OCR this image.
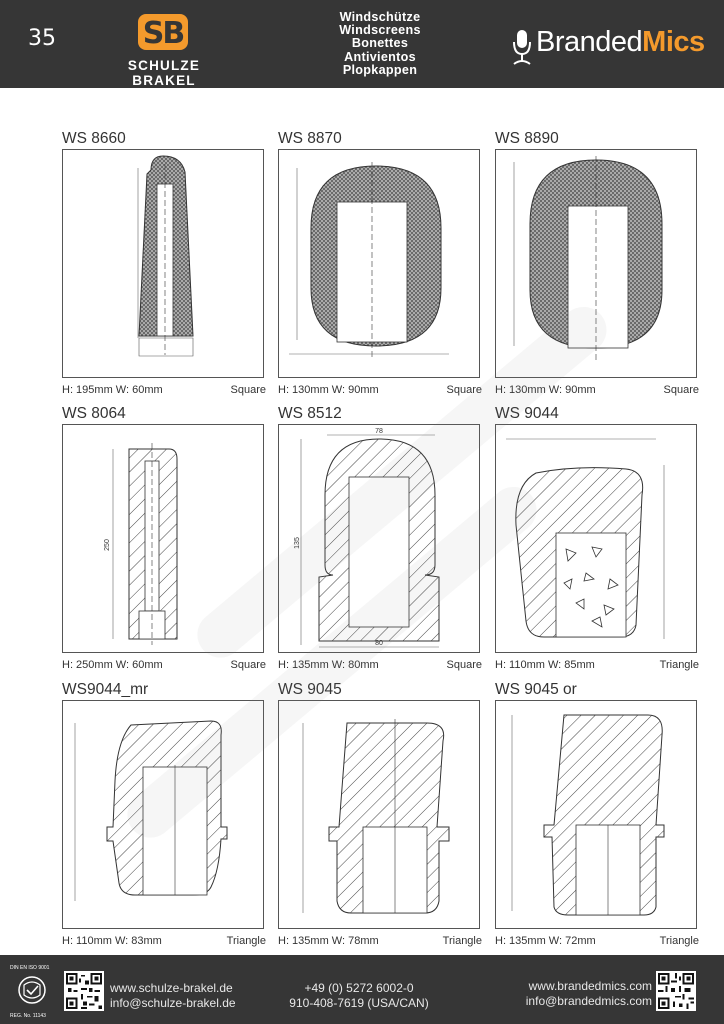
35	SB
SCHULZE BRAKEL
Windschütze
Windscreens
Bonettes
Antivientos
Plopkappen
BrandedMics
WS 8660
H: 195mm W: 60mm	Square
WS 8870
H: 130mm W: 90mm	Square
WS 8890
H: 130mm W: 90mm	Square
WS 8064
250
H: 250mm W: 60mm	Square
WS 8512
78
135
80
H: 135mm W: 80mm	Square
WS 9044
H: 110mm W: 85mm	Triangle
WS9044_mr
H: 110mm W: 83mm	Triangle
WS 9045
H: 135mm W: 78mm	Triangle
WS 9045 or
H: 135mm W: 72mm	Triangle
DIN EN ISO 9001
REG. No. 11143
www.schulze-brakel.de
info@schulze-brakel.de
+49 (0) 5272 6002-0
910-408-7619 (USA/CAN)
www.brandedmics.com
info@brandedmics.com
